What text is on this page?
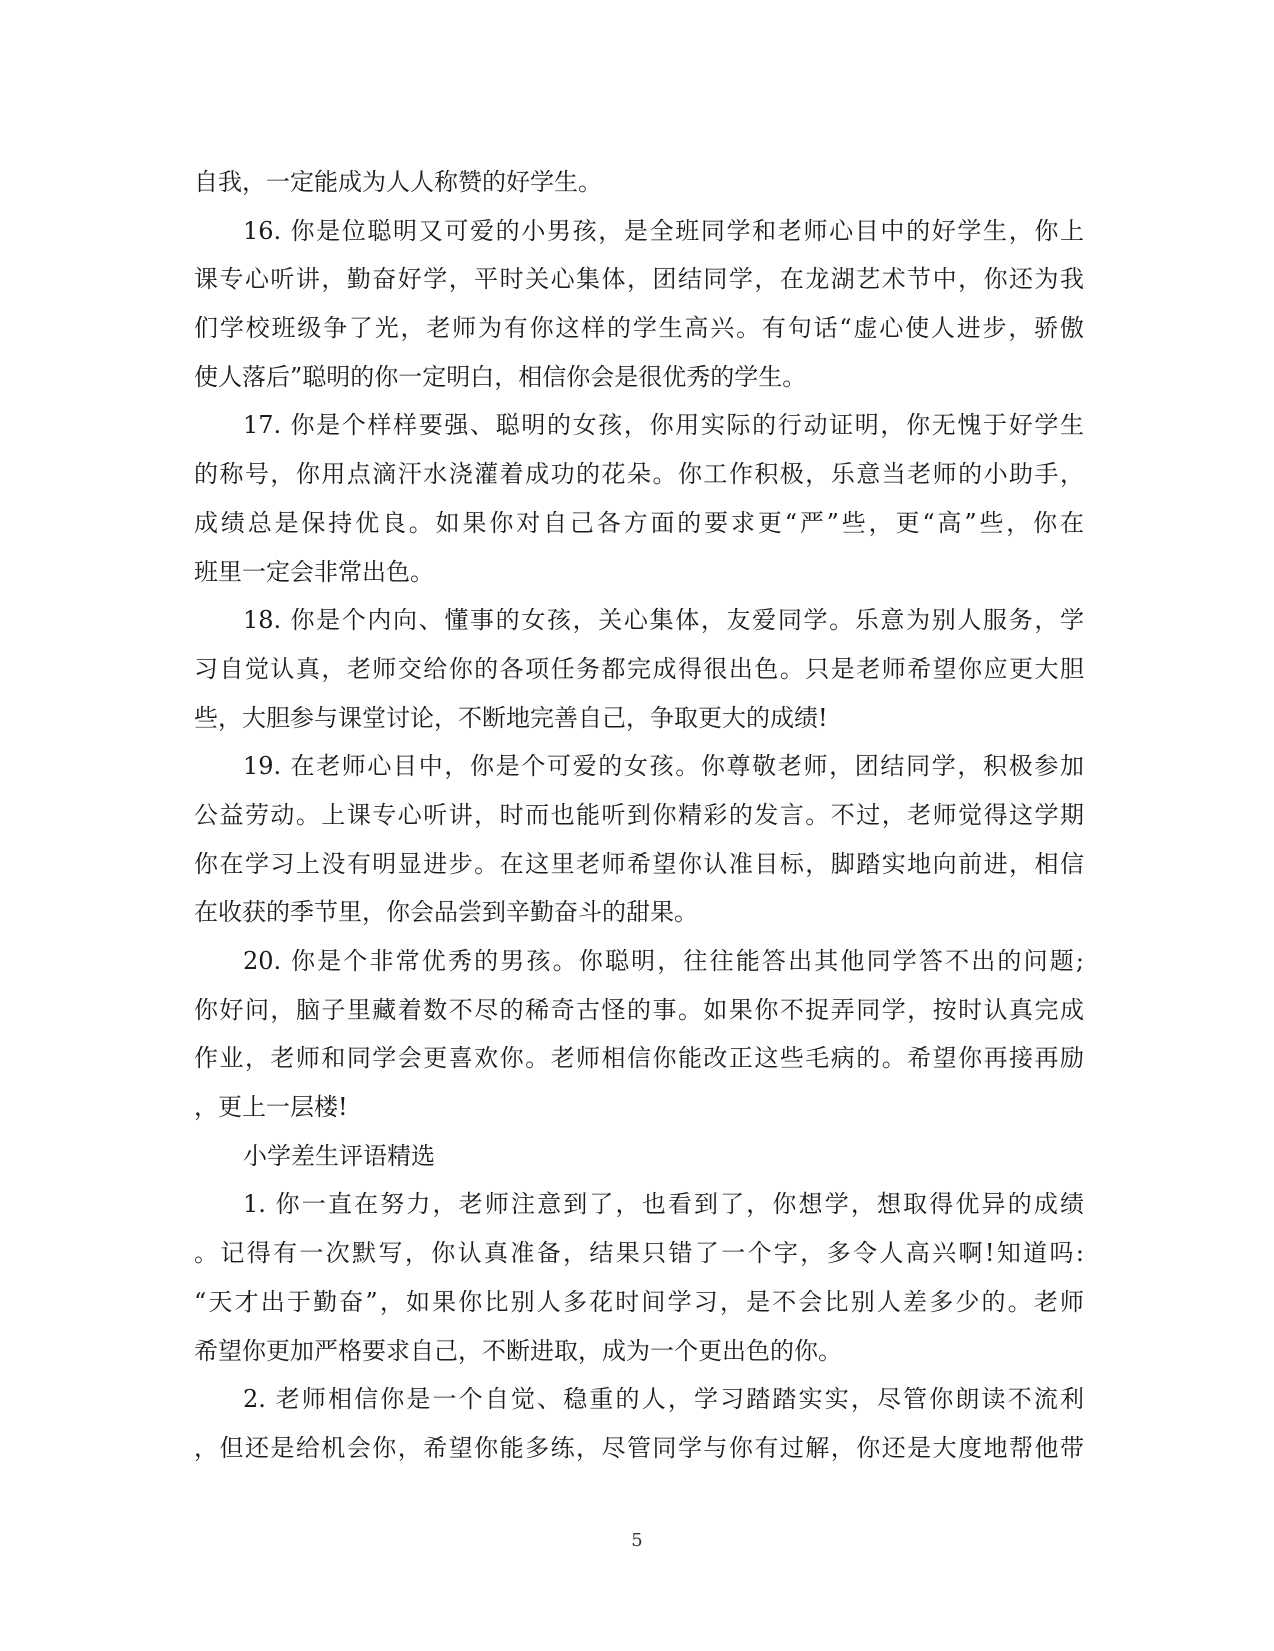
自我，一定能成为人人称赞的好学生。
16. 你是位聪明又可爱的小男孩，是全班同学和老师心目中的好学生，你上
课专心听讲，勤奋好学，平时关心集体，团结同学，在龙湖艺术节中，你还为我
们学校班级争了光，老师为有你这样的学生高兴。有句话“虚心使人进步，骄傲
使人落后”聪明的你一定明白，相信你会是很优秀的学生。
17. 你是个样样要强、聪明的女孩，你用实际的行动证明，你无愧于好学生
的称号，你用点滴汗水浇灌着成功的花朵。你工作积极，乐意当老师的小助手，
成绩总是保持优良。如果你对自己各方面的要求更“严”些，更“高”些，你在
班里一定会非常出色。
18. 你是个内向、懂事的女孩，关心集体，友爱同学。乐意为别人服务，学
习自觉认真，老师交给你的各项任务都完成得很出色。只是老师希望你应更大胆
些，大胆参与课堂讨论，不断地完善自己，争取更大的成绩!
19. 在老师心目中，你是个可爱的女孩。你尊敬老师，团结同学，积极参加
公益劳动。上课专心听讲，时而也能听到你精彩的发言。不过，老师觉得这学期
你在学习上没有明显进步。在这里老师希望你认准目标，脚踏实地向前进，相信
在收获的季节里，你会品尝到辛勤奋斗的甜果。
20. 你是个非常优秀的男孩。你聪明，往往能答出其他同学答不出的问题;
你好问，脑子里藏着数不尽的稀奇古怪的事。如果你不捉弄同学，按时认真完成
作业，老师和同学会更喜欢你。老师相信你能改正这些毛病的。希望你再接再励
，更上一层楼!
小学差生评语精选
1. 你一直在努力，老师注意到了，也看到了，你想学，想取得优异的成绩
。记得有一次默写，你认真准备，结果只错了一个字，多令人高兴啊!知道吗:
“天才出于勤奋”，如果你比别人多花时间学习，是不会比别人差多少的。老师
希望你更加严格要求自己，不断进取，成为一个更出色的你。
2. 老师相信你是一个自觉、稳重的人，学习踏踏实实，尽管你朗读不流利
，但还是给机会你，希望你能多练，尽管同学与你有过解，你还是大度地帮他带
5
